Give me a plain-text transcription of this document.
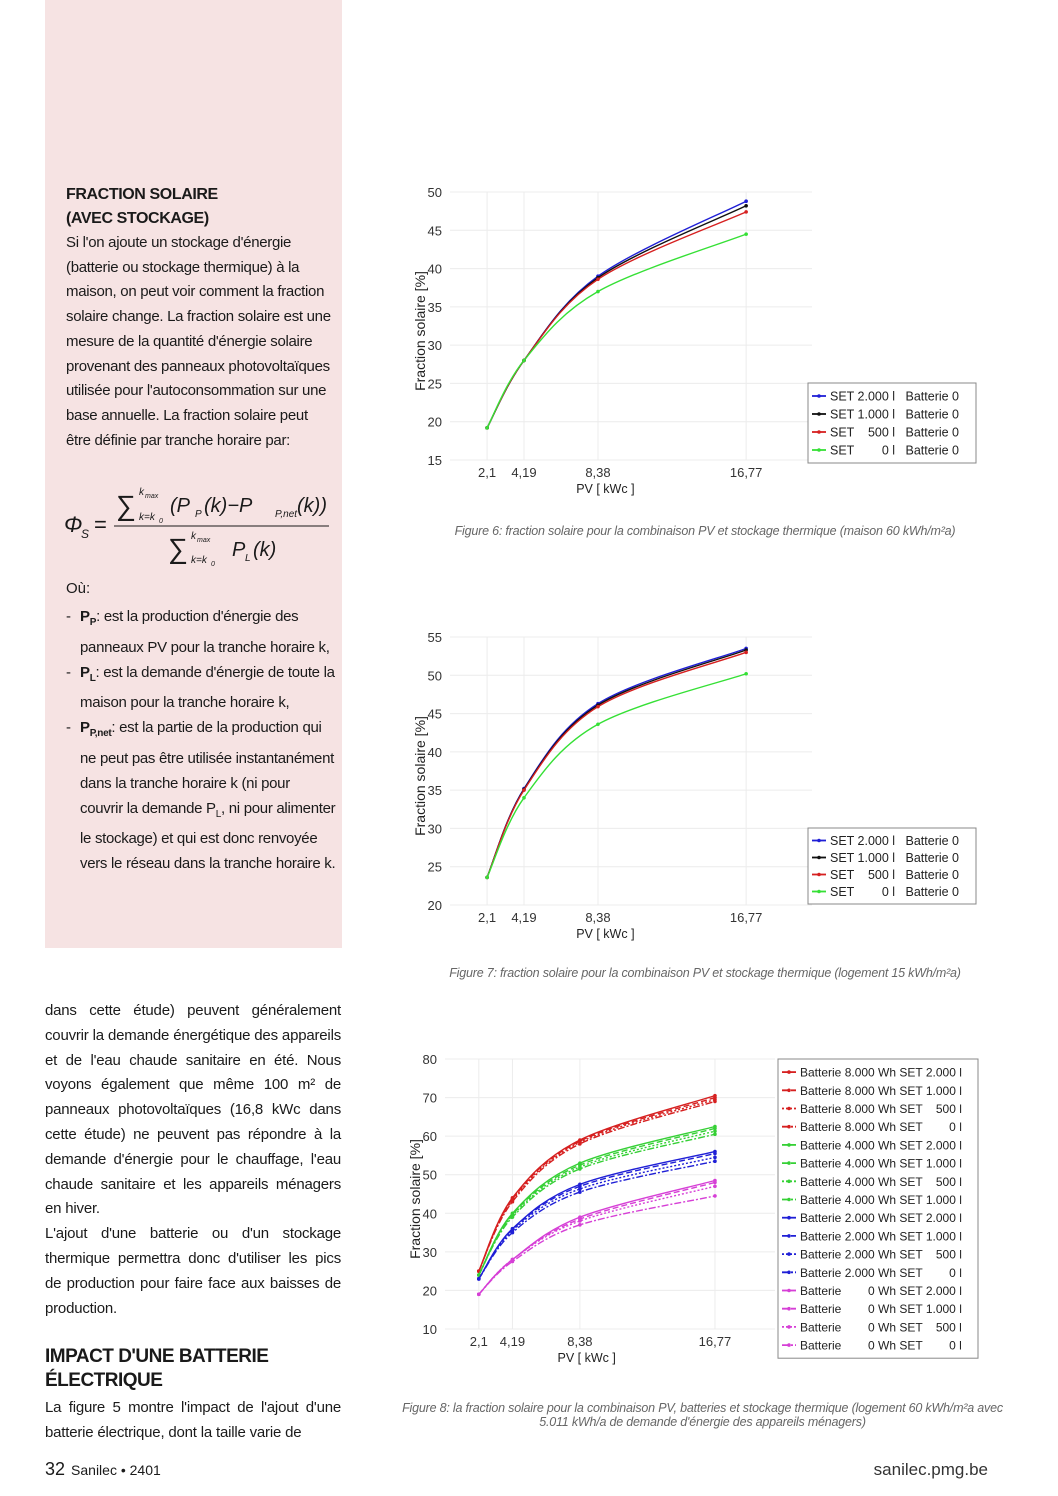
FRACTION SOLAIRE
(AVEC STOCKAGE)

Si l'on ajoute un stockage d'énergie (batterie ou stockage thermique) à la maison, on peut voir comment la fraction solaire change. La fraction solaire est une mesure de la quantité d'énergie solaire provenant des panneaux photovoltaïques utilisée pour l'autoconsommation sur une base annuelle. La fraction solaire peut être définie par tranche horaire par:

Φ
S =
∑ k max
k=k 0
(P P (k)−P P,net (k))
∑ k max
k=k 0
P L (k)
Où:

- $P_P$: est la production d'énergie des panneaux PV pour la tranche horaire k,

- $P_L$: est la demande d'énergie de toute la maison pour la tranche horaire k,

- $P_{P,net}$: est la partie de la production qui ne peut pas être utilisée instantanément dans la tranche horaire k (ni pour couvrir la demande $P_L$, ni pour alimenter le stockage) et qui est donc renvoyée vers le réseau dans la tranche horaire k.

dans cette étude) peuvent généralement couvrir la demande énergétique des appareils et de l'eau chaude sanitaire en été. Nous voyons également que même 100 m² de panneaux photovoltaïques (16,8 kWc dans cette étude) ne peuvent pas répondre à la demande d'énergie pour le chauffage, l'eau chaude sanitaire et les appareils ménagers en hiver.

L'ajout d'une batterie ou d'un stockage thermique permettra donc d'utiliser les pics de production pour faire face aux baisses de production.

IMPACT D'UNE BATTERIE
ÉLECTRIQUE

La figure 5 montre l'impact de l'ajout d'une batterie électrique, dont la taille varie de

15
20
25
30
35
40
45
50
2,1 4,19	8,38	16,77
PV [ kWc ]
Fraction solaire [%]
SET 2.000 l   Batterie 0
SET 1.000 l   Batterie 0
SET    500 l   Batterie 0
SET        0 l   Batterie 0
Figure 6: fraction solaire pour la combinaison PV et stockage thermique (maison 60 kWh/m²a)
20
25
30
35
40
45
50
55
2,1 4,19	8,38	16,77
PV [ kWc ]
Fraction solaire [%]
SET 2.000 l   Batterie 0
SET 1.000 l   Batterie 0
SET    500 l   Batterie 0
SET        0 l   Batterie 0
Figure 7: fraction solaire pour la combinaison PV et stockage thermique (logement 15 kWh/m²a)
10
20
30
40
50
60
70
80
2,1 4,19	8,38	16,77
PV [ kWc ]
Fraction solaire [%]
Batterie 8.000 Wh SET 2.000 l
Batterie 8.000 Wh SET 1.000 l
Batterie 8.000 Wh SET    500 l
Batterie 8.000 Wh SET        0 l
Batterie 4.000 Wh SET 2.000 l
Batterie 4.000 Wh SET 1.000 l
Batterie 4.000 Wh SET    500 l
Batterie 4.000 Wh SET 1.000 l
Batterie 2.000 Wh SET 2.000 l
Batterie 2.000 Wh SET 1.000 l
Batterie 2.000 Wh SET    500 l
Batterie 2.000 Wh SET        0 l
Batterie        0 Wh SET 2.000 l
Batterie        0 Wh SET 1.000 l
Batterie        0 Wh SET    500 l
Batterie        0 Wh SET        0 l
Figure 8: la fraction solaire pour la combinaison PV, batteries et stockage thermique (logement 60 kWh/m²a avec 5.011 kWh/a de demande d'énergie des appareils ménagers)
32 Sanilec • 2401	sanilec.pmg.be
